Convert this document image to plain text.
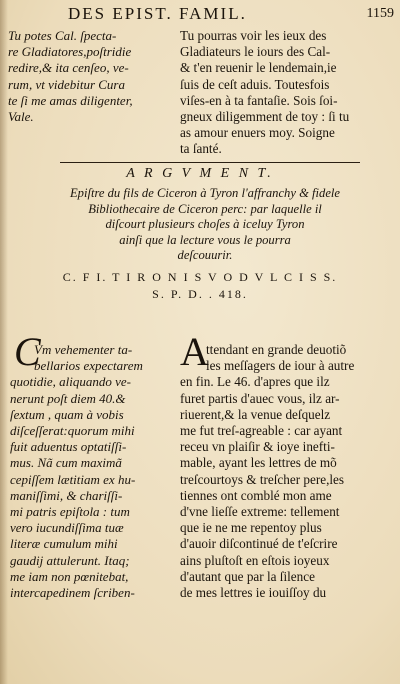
DES EPIST. FAMIL.	1159
Tu potes Cal. ſpecta-
re Gladiatores,poſtridie
redire,& ita cenſeo, ve-
rum, vt videbitur Cura
te ſi me amas diligenter,
Vale.
Tu pourras voir les ieux des
Gladiateurs le iours des Cal-
& t'en reuenir le lendemain,ie
ſuis de ceſt aduis. Toutesfois
viſes-en à ta fantaſie. Sois ſoi-
gneux diligemment de toy : ſi tu
as amour enuers moy. Soigne
ta ſanté.
A R G V M E N T.
Epiſtre du fils de Ciceron à Tyron l'affranchy & fidele
Bibliothecaire de Ciceron perc: par laquelle il
diſcourt plusieurs choſes à iceluy Tyron
ainſi que la lecture vous le pourra
deſcouurir.
C. F I. T I R O N I S V O D V L C I S S.
S. P. D. . 418.
C
Vm vehementer ta-
bellarios expectarem
quotidie, aliquando ve-
nerunt poſt diem 40.&
ſextum , quam à vobis
diſceſſerat:quorum mihi
fuit aduentus optatiſſi-
mus. Nã cum maximã
cepiſſem lætitiam ex hu-
maniſſimi, & chariſſi-
mi patris epiſtola : tum
vero iucundiſſima tuæ
literæ cumulum mihi
gaudij attulerunt. Itaq;
me iam non pœnitebat,
intercapedinem ſcriben-
A
ttendant en grande deuotiõ
les meſſagers de iour à autre
en fin. Le 46. d'apres que ilz
furet partis d'auec vous, ilz ar-
riuerent,& la venue deſquelz
me fut treſ-agreable : car ayant
receu vn plaiſir & ioye inefti-
mable, ayant les lettres de mõ
treſcourtoys & treſcher pere,les
tiennes ont comblé mon ame
d'vne lieſſe extreme: tellement
que ie ne me repentoy plus
d'auoir diſcontinué de t'eſcrire
ains pluſtoſt en eſtois ioyeux
d'autant que par la ſilence
de mes lettres ie iouiſſoy du
